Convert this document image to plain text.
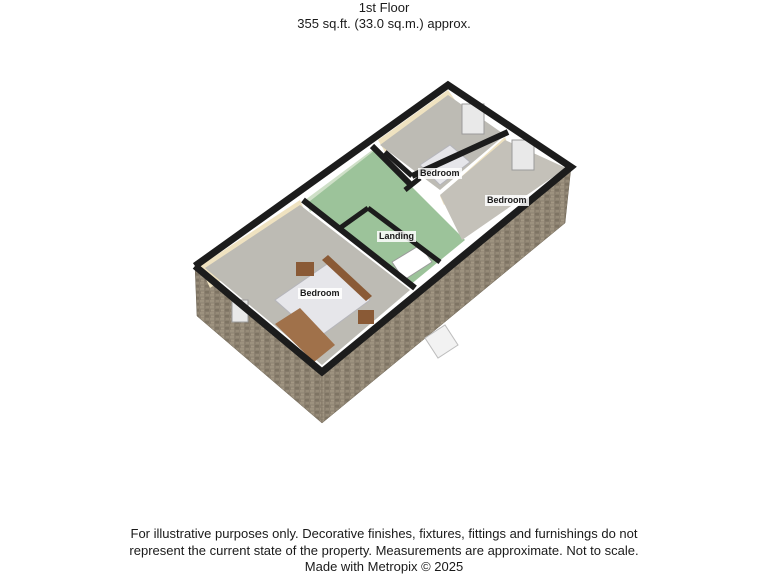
1st Floor
355 sq.ft. (33.0 sq.m.) approx.
Bedroom
Bedroom
Landing
Bedroom
For illustrative purposes only. Decorative finishes, fixtures, fittings and furnishings do not
represent the current state of the property. Measurements are approximate. Not to scale.
Made with Metropix © 2025
